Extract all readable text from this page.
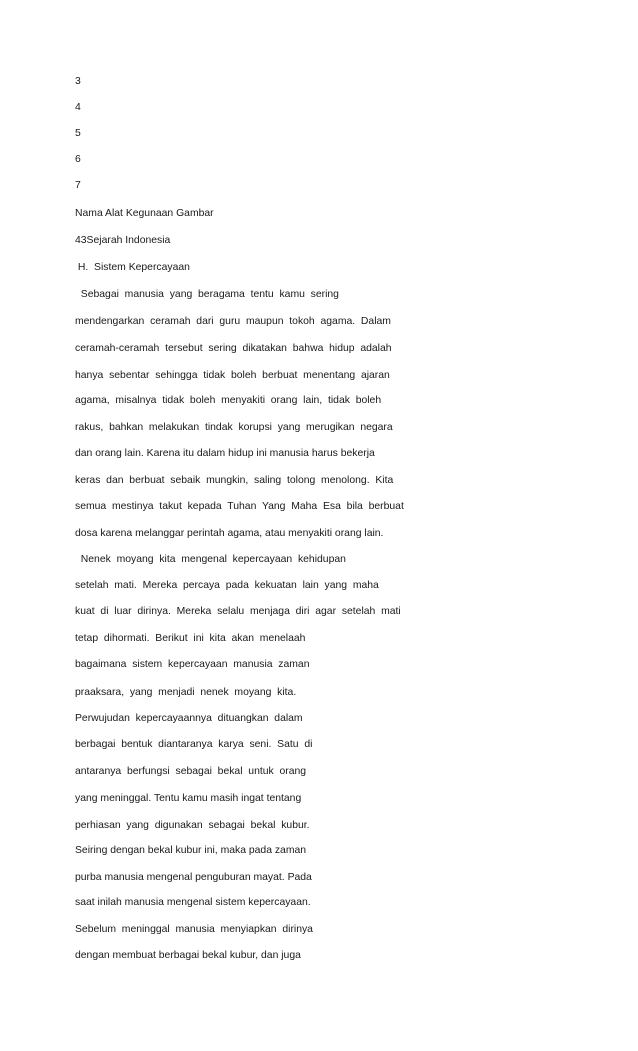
3
4
5
6
7
Nama Alat Kegunaan Gambar
43Sejarah Indonesia
H.  Sistem Kepercayaan
Sebagai  manusia  yang  beragama  tentu  kamu  sering
mendengarkan  ceramah  dari  guru  maupun  tokoh  agama.  Dalam
ceramah-ceramah  tersebut  sering  dikatakan  bahwa  hidup  adalah
hanya  sebentar  sehingga  tidak  boleh  berbuat  menentang  ajaran
agama,  misalnya  tidak  boleh  menyakiti  orang  lain,  tidak  boleh
rakus,  bahkan  melakukan  tindak  korupsi  yang  merugikan  negara
dan orang lain. Karena itu dalam hidup ini manusia harus bekerja
keras  dan  berbuat  sebaik  mungkin,  saling  tolong  menolong.  Kita
semua  mestinya  takut  kepada  Tuhan  Yang  Maha  Esa  bila  berbuat
dosa karena melanggar perintah agama, atau menyakiti orang lain.
Nenek  moyang  kita  mengenal  kepercayaan  kehidupan
setelah  mati.  Mereka  percaya  pada  kekuatan  lain  yang  maha
kuat  di  luar  dirinya.  Mereka  selalu  menjaga  diri  agar  setelah  mati
tetap  dihormati.  Berikut  ini  kita  akan  menelaah
bagaimana  sistem  kepercayaan  manusia  zaman
praaksara,  yang  menjadi  nenek  moyang  kita.
Perwujudan  kepercayaannya  dituangkan  dalam
berbagai  bentuk  diantaranya  karya  seni.  Satu  di
antaranya  berfungsi  sebagai  bekal  untuk  orang
yang meninggal. Tentu kamu masih ingat tentang
perhiasan  yang  digunakan  sebagai  bekal  kubur.
Seiring dengan bekal kubur ini, maka pada zaman
purba manusia mengenal penguburan mayat. Pada
saat inilah manusia mengenal sistem kepercayaan.
Sebelum  meninggal  manusia  menyiapkan  dirinya
dengan membuat berbagai bekal kubur, dan juga
